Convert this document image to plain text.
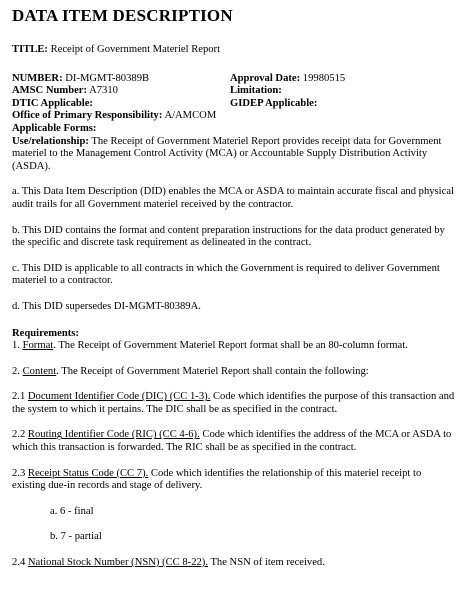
DATA ITEM DESCRIPTION
TITLE: Receipt of Government Materiel Report
NUMBER: DI-MGMT-80389B	Approval Date: 19980515
AMSC Number: A7310	Limitation:
DTIC Applicable:	GIDEP Applicable:
Office of Primary Responsibility: A/AMCOM
Applicable Forms:

Use/relationship: The Receipt of Government Materiel Report provides receipt data for Government materiel to the Management Control Activity (MCA) or Accountable Supply Distribution Activity (ASDA).

a. This Data Item Description (DID) enables the MCA or ASDA to maintain accurate fiscal and physical audit trails for all Government materiel received by the contractor.

b. This DID contains the format and content preparation instructions for the data product generated by the specific and discrete task requirement as delineated in the contract.

c. This DID is applicable to all contracts in which the Government is required to deliver Government materiel to a contractor.

d. This DID supersedes DI-MGMT-80389A.

Requirements:

1. Format. The Receipt of Government Materiel Report format shall be an 80-column format.

2. Content. The Receipt of Government Materiel Report shall contain the following:

2.1 Document Identifier Code (DIC) (CC 1-3). Code which identifies the purpose of this transaction and the system to which it pertains. The DIC shall be as specified in the contract.

2.2 Routing Identifier Code (RIC) (CC 4-6). Code which identifies the address of the MCA or ASDA to which this transaction is forwarded. The RIC shall be as specified in the contract.

2.3 Receipt Status Code (CC 7). Code which identifies the relationship of this materiel receipt to existing due-in records and stage of delivery.

a. 6 - final

b. 7 - partial

2.4 National Stock Number (NSN) (CC 8-22). The NSN of item received.
